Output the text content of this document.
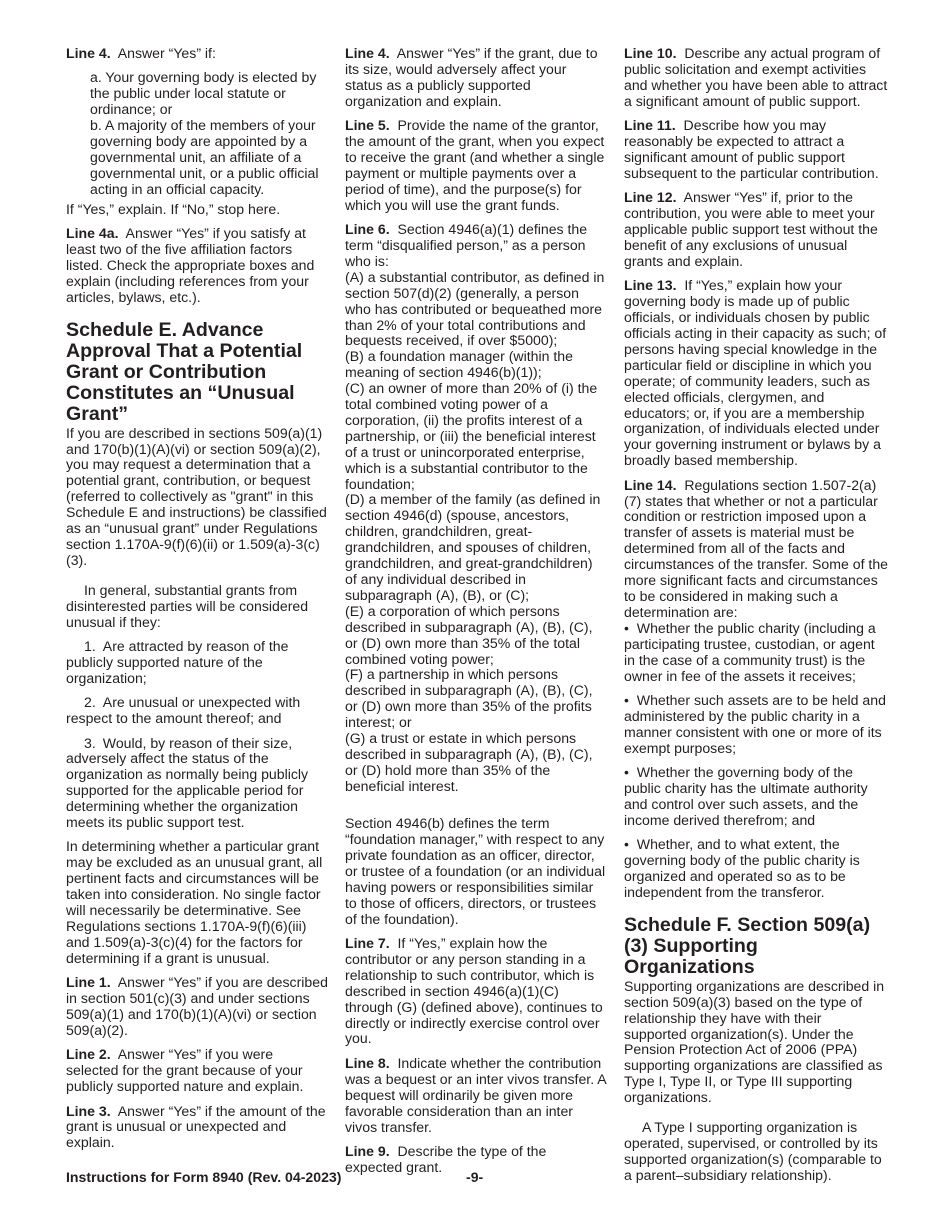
Line 4. Answer “Yes” if:

a. Your governing body is elected by the public under local statute or ordinance; or

b. A majority of the members of your governing body are appointed by a governmental unit, an affiliate of a governmental unit, or a public official acting in an official capacity.

If “Yes,” explain. If “No,” stop here.

Line 4a. Answer “Yes” if you satisfy at least two of the five affiliation factors listed. Check the appropriate boxes and explain (including references from your articles, bylaws, etc.).

Schedule E. Advance Approval That a Potential Grant or Contribution Constitutes an “Unusual Grant”

If you are described in sections 509(a)(1) and 170(b)(1)(A)(vi) or section 509(a)(2), you may request a determination that a potential grant, contribution, or bequest (referred to collectively as "grant" in this Schedule E and instructions) be classified as an “unusual grant” under Regulations section 1.170A-9(f)(6)(ii) or 1.509(a)-3(c)(3).

In general, substantial grants from disinterested parties will be considered unusual if they:

1. Are attracted by reason of the publicly supported nature of the organization;

2. Are unusual or unexpected with respect to the amount thereof; and

3. Would, by reason of their size, adversely affect the status of the organization as normally being publicly supported for the applicable period for determining whether the organization meets its public support test.

In determining whether a particular grant may be excluded as an unusual grant, all pertinent facts and circumstances will be taken into consideration. No single factor will necessarily be determinative. See Regulations sections 1.170A-9(f)(6)(iii) and 1.509(a)-3(c)(4) for the factors for determining if a grant is unusual.

Line 1. Answer “Yes” if you are described in section 501(c)(3) and under sections 509(a)(1) and 170(b)(1)(A)(vi) or section 509(a)(2).

Line 2. Answer “Yes” if you were selected for the grant because of your publicly supported nature and explain.

Line 3. Answer “Yes” if the amount of the grant is unusual or unexpected and explain.

Line 4. Answer “Yes” if the grant, due to its size, would adversely affect your status as a publicly supported organization and explain.

Line 5. Provide the name of the grantor, the amount of the grant, when you expect to receive the grant (and whether a single payment or multiple payments over a period of time), and the purpose(s) for which you will use the grant funds.

Line 6. Section 4946(a)(1) defines the term “disqualified person,” as a person who is:

(A) a substantial contributor, as defined in section 507(d)(2) (generally, a person who has contributed or bequeathed more than 2% of your total contributions and bequests received, if over $5000);
(B) a foundation manager (within the meaning of section 4946(b)(1));
(C) an owner of more than 20% of (i) the total combined voting power of a corporation, (ii) the profits interest of a partnership, or (iii) the beneficial interest of a trust or unincorporated enterprise, which is a substantial contributor to the foundation;
(D) a member of the family (as defined in section 4946(d) (spouse, ancestors, children, grandchildren, great-grandchildren, and spouses of children, grandchildren, and great-grandchildren) of any individual described in subparagraph (A), (B), or (C);
(E) a corporation of which persons described in subparagraph (A), (B), (C), or (D) own more than 35% of the total combined voting power;
(F) a partnership in which persons described in subparagraph (A), (B), (C), or (D) own more than 35% of the profits interest; or
(G) a trust or estate in which persons described in subparagraph (A), (B), (C), or (D) hold more than 35% of the beneficial interest.

Section 4946(b) defines the term “foundation manager,” with respect to any private foundation as an officer, director, or trustee of a foundation (or an individual having powers or responsibilities similar to those of officers, directors, or trustees of the foundation).

Line 7. If “Yes,” explain how the contributor or any person standing in a relationship to such contributor, which is described in section 4946(a)(1)(C) through (G) (defined above), continues to directly or indirectly exercise control over you.

Line 8. Indicate whether the contribution was a bequest or an inter vivos transfer. A bequest will ordinarily be given more favorable consideration than an inter vivos transfer.

Line 9. Describe the type of the expected grant.

Line 10. Describe any actual program of public solicitation and exempt activities and whether you have been able to attract a significant amount of public support.

Line 11. Describe how you may reasonably be expected to attract a significant amount of public support subsequent to the particular contribution.

Line 12. Answer “Yes” if, prior to the contribution, you were able to meet your applicable public support test without the benefit of any exclusions of unusual grants and explain.

Line 13. If “Yes,” explain how your governing body is made up of public officials, or individuals chosen by public officials acting in their capacity as such; of persons having special knowledge in the particular field or discipline in which you operate; of community leaders, such as elected officials, clergymen, and educators; or, if you are a membership organization, of individuals elected under your governing instrument or bylaws by a broadly based membership.

Line 14. Regulations section 1.507-2(a)(7) states that whether or not a particular condition or restriction imposed upon a transfer of assets is material must be determined from all of the facts and circumstances of the transfer. Some of the more significant facts and circumstances to be considered in making such a determination are:

• Whether the public charity (including a participating trustee, custodian, or agent in the case of a community trust) is the owner in fee of the assets it receives;

• Whether such assets are to be held and administered by the public charity in a manner consistent with one or more of its exempt purposes;

• Whether the governing body of the public charity has the ultimate authority and control over such assets, and the income derived therefrom; and

• Whether, and to what extent, the governing body of the public charity is organized and operated so as to be independent from the transferor.

Schedule F. Section 509(a)(3) Supporting Organizations

Supporting organizations are described in section 509(a)(3) based on the type of relationship they have with their supported organization(s). Under the Pension Protection Act of 2006 (PPA) supporting organizations are classified as Type I, Type II, or Type III supporting organizations.

A Type I supporting organization is operated, supervised, or controlled by its supported organization(s) (comparable to a parent–subsidiary relationship).

Instructions for Form 8940 (Rev. 04-2023)	-9-
